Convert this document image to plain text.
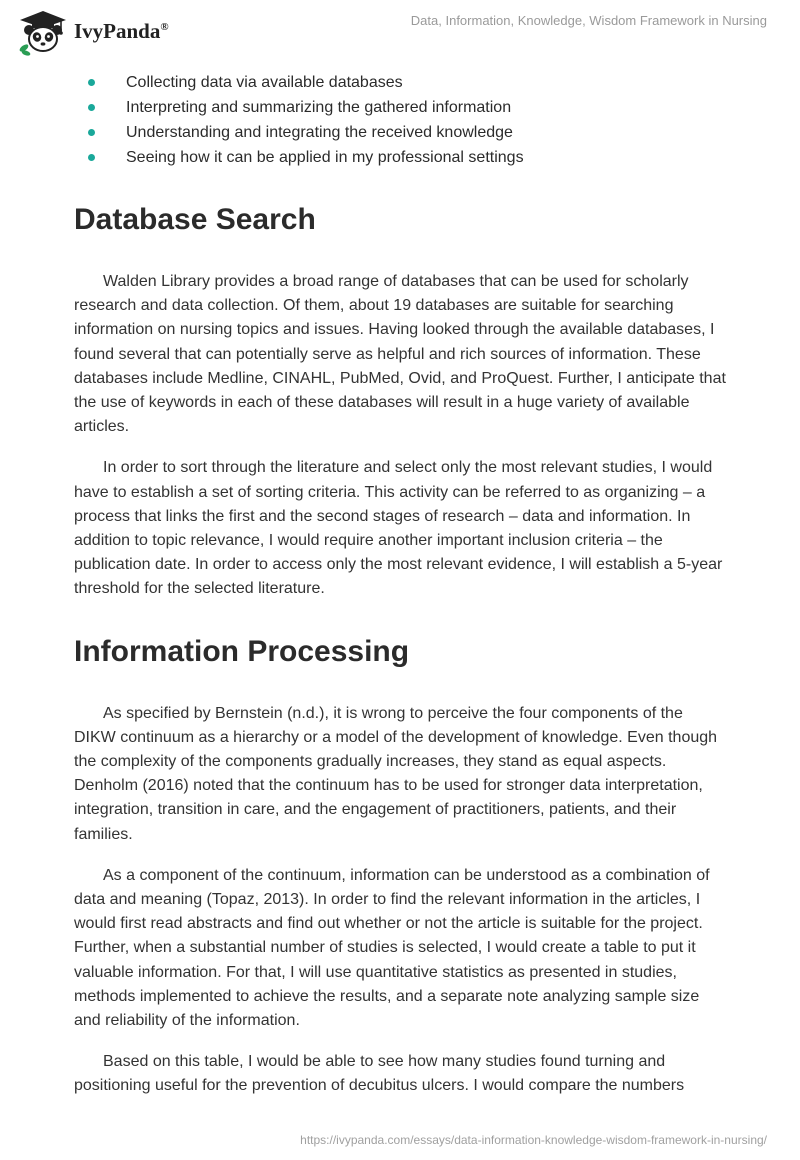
IvyPanda®	Data, Information, Knowledge, Wisdom Framework in Nursing
Collecting data via available databases
Interpreting and summarizing the gathered information
Understanding and integrating the received knowledge
Seeing how it can be applied in my professional settings
Database Search

Walden Library provides a broad range of databases that can be used for scholarly research and data collection. Of them, about 19 databases are suitable for searching information on nursing topics and issues. Having looked through the available databases, I found several that can potentially serve as helpful and rich sources of information. These databases include Medline, CINAHL, PubMed, Ovid, and ProQuest. Further, I anticipate that the use of keywords in each of these databases will result in a huge variety of available articles.

In order to sort through the literature and select only the most relevant studies, I would have to establish a set of sorting criteria. This activity can be referred to as organizing – a process that links the first and the second stages of research – data and information. In addition to topic relevance, I would require another important inclusion criteria – the publication date. In order to access only the most relevant evidence, I will establish a 5-year threshold for the selected literature.

Information Processing

As specified by Bernstein (n.d.), it is wrong to perceive the four components of the DIKW continuum as a hierarchy or a model of the development of knowledge. Even though the complexity of the components gradually increases, they stand as equal aspects. Denholm (2016) noted that the continuum has to be used for stronger data interpretation, integration, transition in care, and the engagement of practitioners, patients, and their families.

As a component of the continuum, information can be understood as a combination of data and meaning (Topaz, 2013). In order to find the relevant information in the articles, I would first read abstracts and find out whether or not the article is suitable for the project. Further, when a substantial number of studies is selected, I would create a table to put it valuable information. For that, I will use quantitative statistics as presented in studies, methods implemented to achieve the results, and a separate note analyzing sample size and reliability of the information.

Based on this table, I would be able to see how many studies found turning and positioning useful for the prevention of decubitus ulcers. I would compare the numbers

https://ivypanda.com/essays/data-information-knowledge-wisdom-framework-in-nursing/
